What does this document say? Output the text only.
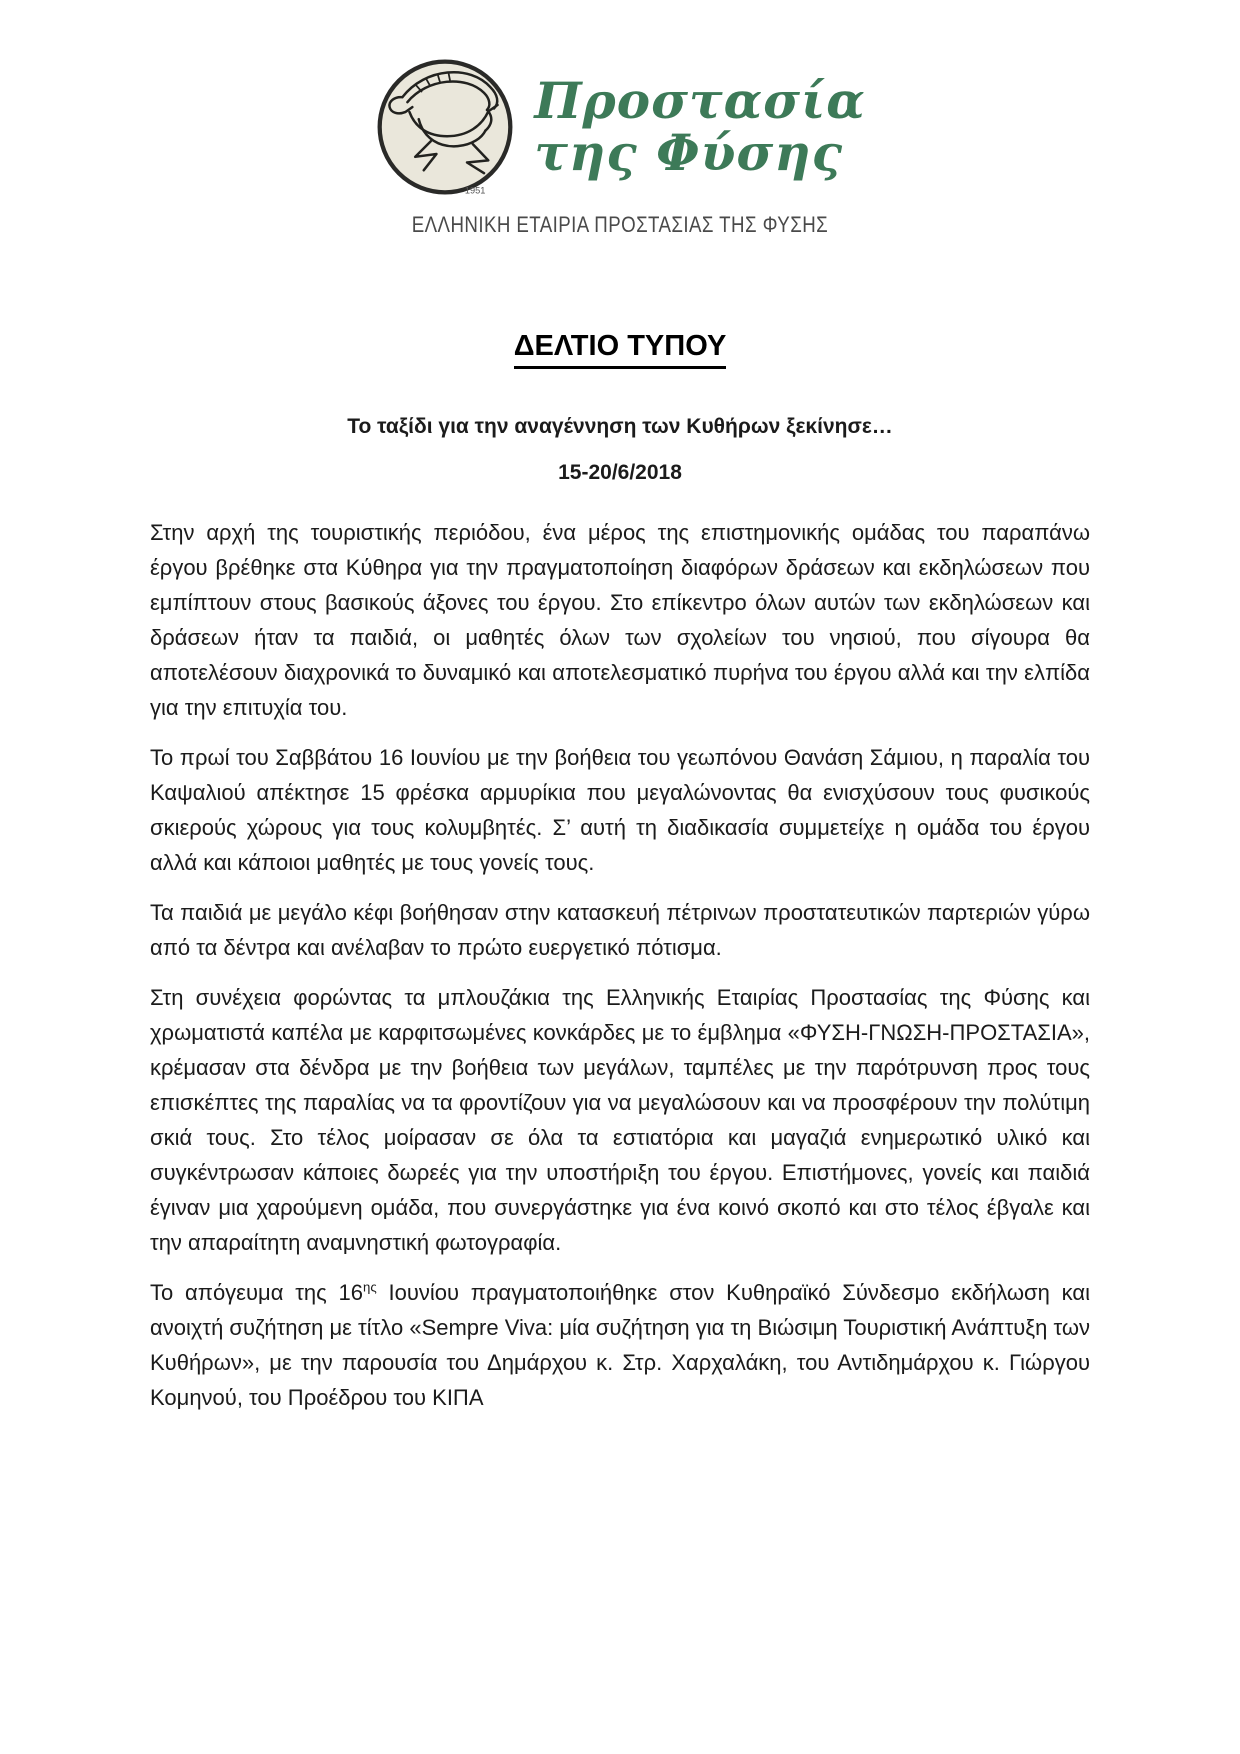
1951
Προστασία
της Φύσης
ΕΛΛΗΝΙΚΗ ΕΤΑΙΡΙΑ ΠΡΟΣΤΑΣΙΑΣ ΤΗΣ ΦΥΣΗΣ
ΔΕΛΤΙΟ ΤΥΠΟΥ

Το ταξίδι για την αναγέννηση των Κυθήρων ξεκίνησε…

15-20/6/2018

Στην αρχή της τουριστικής περιόδου, ένα μέρος της επιστημονικής ομάδας του παραπάνω έργου βρέθηκε στα Κύθηρα για την πραγματοποίηση διαφόρων δράσεων και εκδηλώσεων που εμπίπτουν στους βασικούς άξονες του έργου. Στο επίκεντρο όλων αυτών των εκδηλώσεων και δράσεων ήταν τα παιδιά, οι μαθητές όλων των σχολείων του νησιού, που σίγουρα θα αποτελέσουν διαχρονικά το δυναμικό και αποτελεσματικό πυρήνα του έργου αλλά και την ελπίδα για την επιτυχία του.

Το πρωί του Σαββάτου 16 Ιουνίου με την βοήθεια του γεωπόνου Θανάση Σάμιου, η παραλία του Καψαλιού απέκτησε 15 φρέσκα αρμυρίκια που μεγαλώνοντας θα ενισχύσουν τους φυσικούς σκιερούς χώρους για τους κολυμβητές. Σ’ αυτή τη διαδικασία συμμετείχε η ομάδα του έργου αλλά και κάποιοι μαθητές με τους γονείς τους.

Τα παιδιά με μεγάλο κέφι βοήθησαν στην κατασκευή πέτρινων προστατευτικών παρτεριών γύρω από τα δέντρα και ανέλαβαν το πρώτο ευεργετικό πότισμα.

Στη συνέχεια φορώντας τα μπλουζάκια της Ελληνικής Εταιρίας Προστασίας της Φύσης και χρωματιστά καπέλα με καρφιτσωμένες κονκάρδες με το έμβλημα «ΦΥΣΗ-ΓΝΩΣΗ-ΠΡΟΣΤΑΣΙΑ», κρέμασαν στα δένδρα με την βοήθεια των μεγάλων, ταμπέλες με την παρότρυνση προς τους επισκέπτες της παραλίας να τα φροντίζουν για να μεγαλώσουν και να προσφέρουν την πολύτιμη σκιά τους. Στο τέλος μοίρασαν σε όλα τα εστιατόρια και μαγαζιά ενημερωτικό υλικό και συγκέντρωσαν κάποιες δωρεές για την υποστήριξη του έργου. Επιστήμονες, γονείς και παιδιά έγιναν μια χαρούμενη ομάδα, που συνεργάστηκε για ένα κοινό σκοπό και στο τέλος έβγαλε και την απαραίτητη αναμνηστική φωτογραφία.

Το απόγευμα της $16^{\eta\varsigma}$ Ιουνίου πραγματοποιήθηκε στον Κυθηραϊκό Σύνδεσμο εκδήλωση και ανοιχτή συζήτηση με τίτλο «Sempre Viva: μία συζήτηση για τη Βιώσιμη Τουριστική Ανάπτυξη των Κυθήρων», με την παρουσία του Δημάρχου κ. Στρ. Χαρχαλάκη, του Αντιδημάρχου κ. Γιώργου Κομηνού, του Προέδρου του ΚΙΠΑ
